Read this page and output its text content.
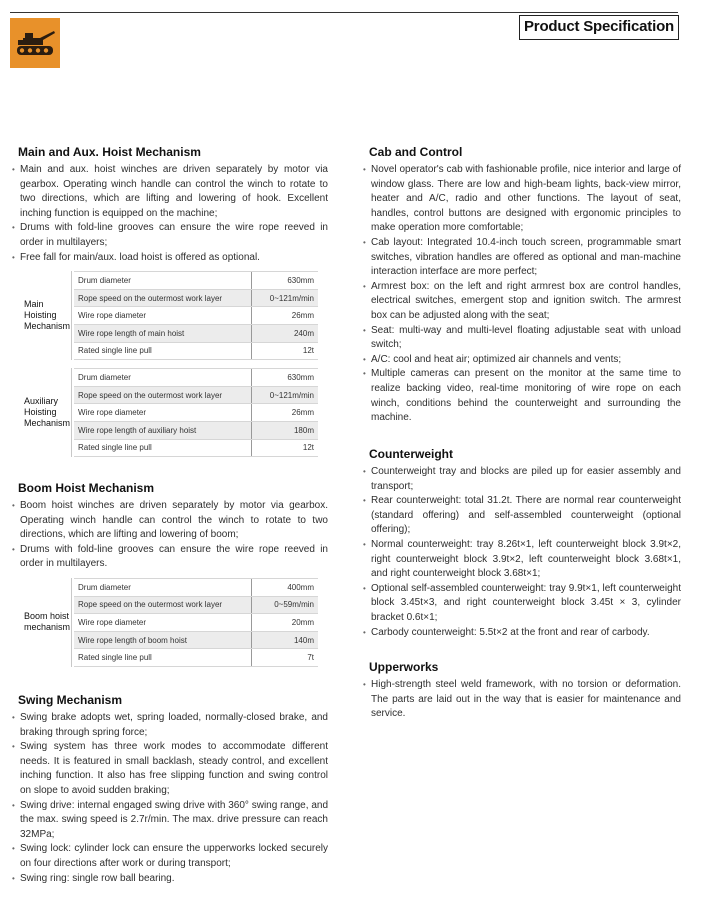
Product Specification
Main and Aux. Hoist Mechanism
• Main and aux. hoist winches are driven separately by motor via gearbox. Operating winch handle can control the winch to rotate to two directions, which are lifting and lowering of hook. Excellent inching function is equipped on the machine;
• Drums with fold-line grooves can ensure the wire rope reeved in order in multilayers;
• Free fall for main/aux. load hoist is offered as optional.
Main Hoisting Mechanism
Drum diameter	630mm
Rope speed on the outermost work layer	0~121m/min
Wire rope diameter	26mm
Wire rope length of main hoist	240m
Rated single line pull	12t
Auxiliary Hoisting Mechanism
Drum diameter	630mm
Rope speed on the outermost work layer	0~121m/min
Wire rope diameter	26mm
Wire rope length of auxiliary hoist	180m
Rated single line pull	12t
Boom Hoist Mechanism
• Boom hoist winches are driven separately by motor via gearbox. Operating winch handle can control the winch to rotate to two directions, which are lifting and lowering of boom;
• Drums with fold-line grooves can ensure the wire rope reeved in order in multilayers.
Boom hoist mechanism
Drum diameter	400mm
Rope speed on the outermost work layer	0~59m/min
Wire rope diameter	20mm
Wire rope length of boom hoist	140m
Rated single line pull	7t
Swing Mechanism
• Swing brake adopts wet, spring loaded, normally-closed brake, and braking through spring force;
• Swing system has three work modes to accommodate different needs. It is featured in small backlash, steady control, and excellent inching function. It also has free slipping function and swing control on slope to avoid sudden braking;
• Swing drive: internal engaged swing drive with 360° swing range, and the max. swing speed is 2.7r/min. The max. drive pressure can reach 32MPa;
• Swing lock: cylinder lock can ensure the upperworks locked securely on four directions after work or during transport;
• Swing ring: single row ball bearing.
Cab and Control
• Novel operator's cab with fashionable profile, nice interior and large of window glass. There are low and high-beam lights, back-view mirror, heater and A/C, radio and other functions. The layout of seat, handles, control buttons are designed with ergonomic principles to make operation more comfortable;
• Cab layout: Integrated 10.4-inch touch screen, programmable smart switches, vibration handles are offered as optional and man-machine interaction interface are more perfect;
• Armrest box: on the left and right armrest box are control handles, electrical switches, emergent stop and ignition switch. The armrest box can be adjusted along with the seat;
• Seat: multi-way and multi-level floating adjustable seat with unload switch;
• A/C: cool and heat air; optimized air channels and vents;
• Multiple cameras can present on the monitor at the same time to realize backing video, real-time monitoring of wire rope on each winch, conditions behind the counterweight and surrounding the machine.
Counterweight
• Counterweight tray and blocks are piled up for easier assembly and transport;
• Rear counterweight: total 31.2t. There are normal rear counterweight (standard offering) and self-assembled counterweight (optional offering);
• Normal counterweight: tray 8.26t×1, left counterweight block 3.9t×2, right counterweight block 3.9t×2, left counterweight block 3.68t×1, and right counterweight block 3.68t×1;
• Optional self-assembled counterweight: tray 9.9t×1, left counterweight block 3.45t×3, and right counterweight block 3.45t × 3, cylinder bracket 0.6t×1;
• Carbody counterweight: 5.5t×2 at the front and rear of carbody.
Upperworks
• High-strength steel weld framework, with no torsion or deformation. The parts are laid out in the way that is easier for maintenance and service.
